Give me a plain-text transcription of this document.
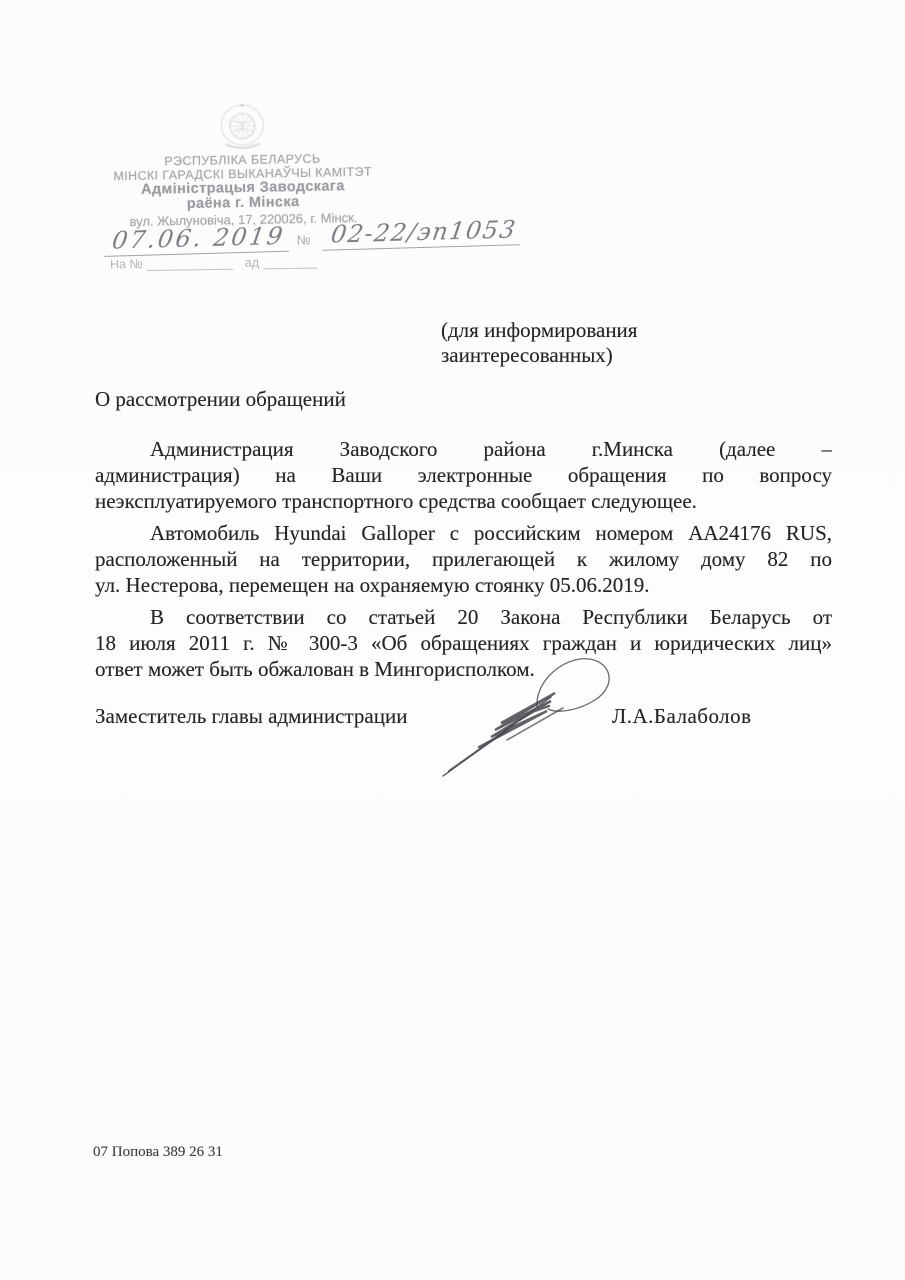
РЭСПУБЛІКА БЕЛАРУСЬ
МІНСКІ ГАРАДСКІ ВЫКАНАЎЧЫ КАМІТЭТ
Адміністрацыя Заводскага
раёна г. Мінска
вул. Жылуновіча, 17, 220026, г. Мінск.
07.06. 2019 № 02-22/эп1053
На №	ад
(для информирования
заинтересованных)
О рассмотрении обращений
Администрация Заводского района г.Минска (далее –
администрация) на Ваши электронные обращения по вопросу
неэксплуатируемого транспортного средства сообщает следующее.
Автомобиль Hyundai Galloper с российским номером АА24176 RUS,
расположенный на территории, прилегающей к жилому дому 82 по
ул. Нестерова, перемещен на охраняемую стоянку 05.06.2019.
В соответствии со статьей 20 Закона Республики Беларусь от
18 июля 2011 г. № 300-3 «Об обращениях граждан и юридических лиц»
ответ может быть обжалован в Мингорисполком.
Заместитель главы администрации	Л.А.Балаболов
07 Попова 389 26 31
